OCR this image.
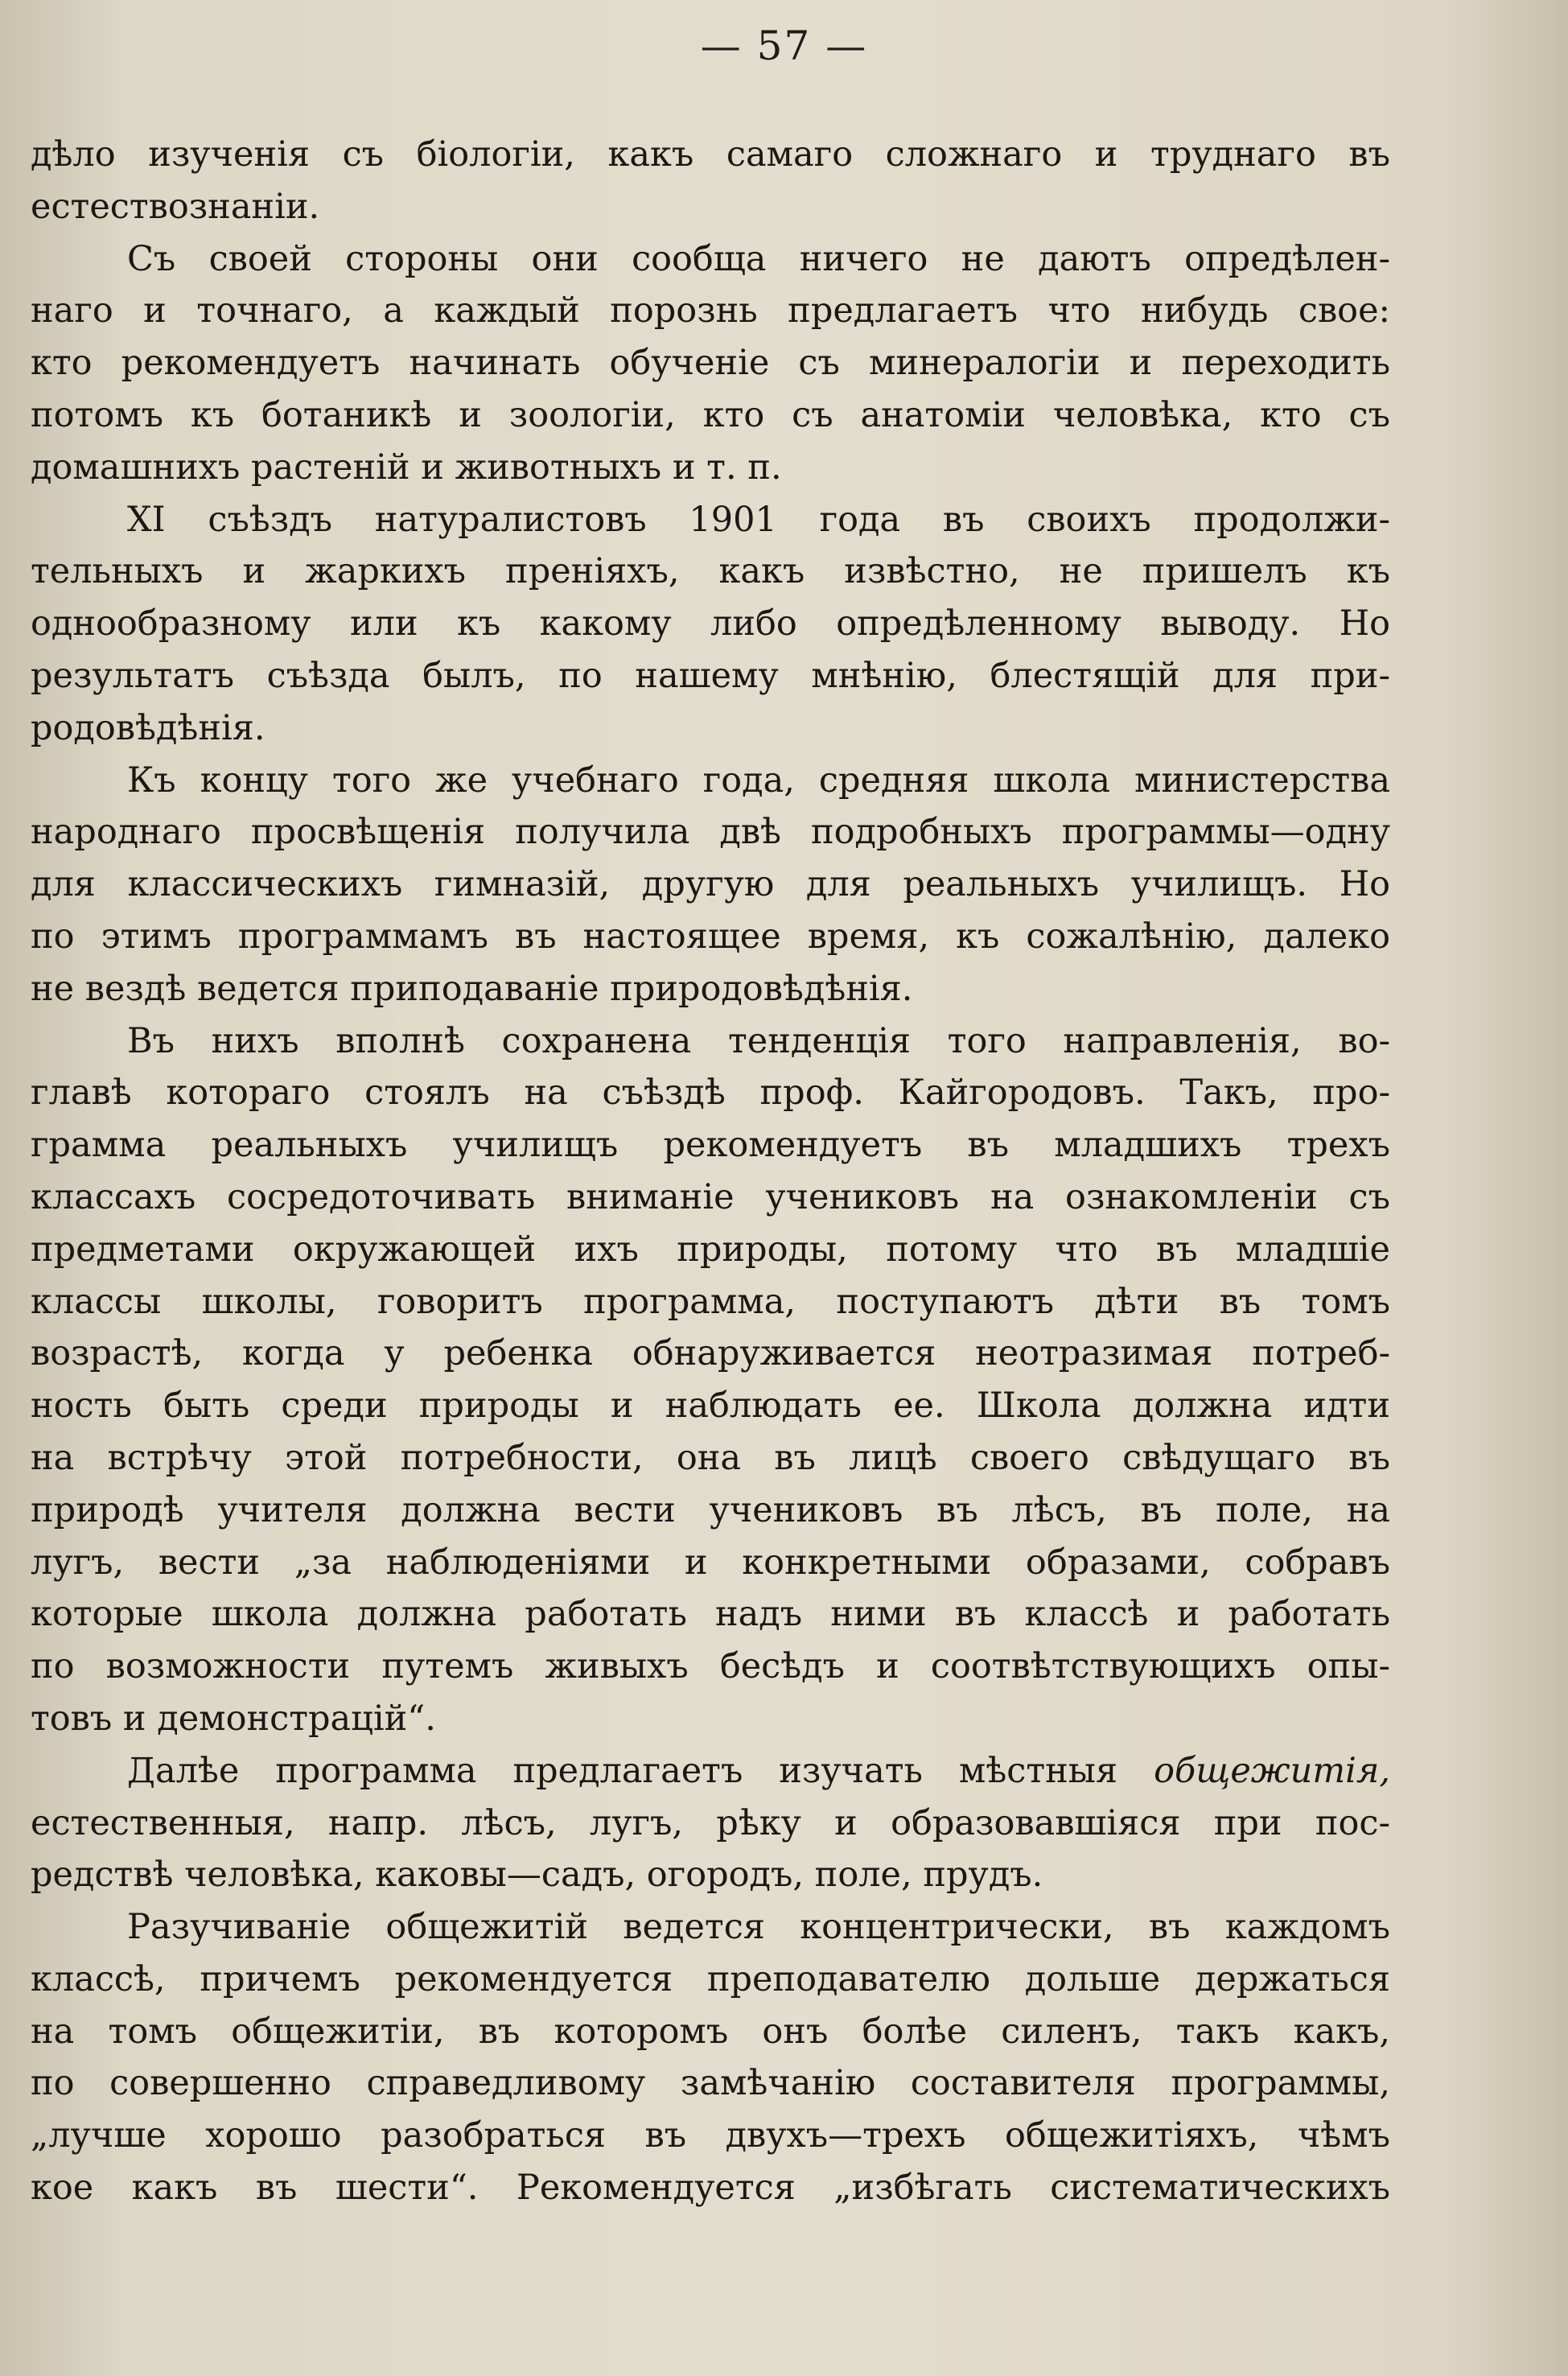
— 57 —
дѣло изученія съ біологіи, какъ самаго сложнаго и труднаго въ
естествознаніи.
Съ своей стороны они сообща ничего не даютъ опредѣлен-
наго и точнаго, а каждый порознь предлагаетъ что нибудь свое:
кто рекомендуетъ начинать обученіе съ минералогіи и переходить
потомъ къ ботаникѣ и зоологіи, кто съ анатоміи человѣка, кто съ
домашнихъ растеній и животныхъ и т. п.
XI съѣздъ натуралистовъ 1901 года въ своихъ продолжи-
тельныхъ и жаркихъ преніяхъ, какъ извѣстно, не пришелъ къ
однообразному или къ какому либо опредѣленному выводу. Но
результатъ съѣзда былъ, по нашему мнѣнію, блестящій для при-
родовѣдѣнія.
Къ концу того же учебнаго года, средняя школа министерства
народнаго просвѣщенія получила двѣ подробныхъ программы—одну
для классическихъ гимназій, другую для реальныхъ училищъ. Но
по этимъ программамъ въ настоящее время, къ сожалѣнію, далеко
не вездѣ ведется приподаваніе природовѣдѣнія.
Въ нихъ вполнѣ сохранена тенденція того направленія, во-
главѣ котораго стоялъ на съѣздѣ проф. Кайгородовъ. Такъ, про-
грамма реальныхъ училищъ рекомендуетъ въ младшихъ трехъ
классахъ сосредоточивать вниманіе учениковъ на ознакомленіи съ
предметами окружающей ихъ природы, потому что въ младшіе
классы школы, говоритъ программа, поступаютъ дѣти въ томъ
возрастѣ, когда у ребенка обнаруживается неотразимая потреб-
ность быть среди природы и наблюдать ее. Школа должна идти
на встрѣчу этой потребности, она въ лицѣ своего свѣдущаго въ
природѣ учителя должна вести учениковъ въ лѣсъ, въ поле, на
лугъ, вести „за наблюденіями и конкретными образами, собравъ
которые школа должна работать надъ ними въ классѣ и работать
по возможности путемъ живыхъ бесѣдъ и соотвѣтствующихъ опы-
товъ и демонстрацій“.
Далѣе программа предлагаетъ изучать мѣстныя общежитія,
естественныя, напр. лѣсъ, лугъ, рѣку и образовавшіяся при пос-
редствѣ человѣка, каковы—садъ, огородъ, поле, прудъ.
Разучиваніе общежитій ведется концентрически, въ каждомъ
классѣ, причемъ рекомендуется преподавателю дольше держаться
на томъ общежитіи, въ которомъ онъ болѣе силенъ, такъ какъ,
по совершенно справедливому замѣчанію составителя программы,
„лучше хорошо разобраться въ двухъ—трехъ общежитіяхъ, чѣмъ
кое какъ въ шести“. Рекомендуется „избѣгать систематическихъ
